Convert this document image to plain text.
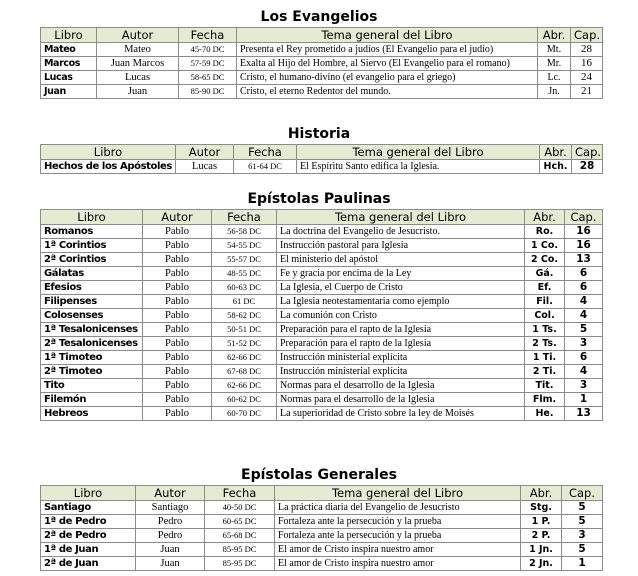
Los Evangelios
Libro	Autor	Fecha	Tema general del Libro	Abr.	Cap.
Mateo	Mateo	45-70 DC	Presenta el Rey prometido a judíos (El Evangelio para el judío)	Mt.	28
Marcos	Juan Marcos	57-59 DC	Exalta al Hijo del Hombre, al Siervo (El Evangelio para el romano)	Mr.	16
Lucas	Lucas	58-65 DC	Cristo, el humano-divino (el evangelio para el griego)	Lc.	24
Juan	Juan	85-90 DC	Cristo, el eterno Redentor del mundo.	Jn.	21
Historia
Libro	Autor	Fecha	Tema general del Libro	Abr.	Cap.
Hechos de los Apóstoles	Lucas	61-64 DC	El Espíritu Santo edifica la Iglesia.	Hch.	28
Epístolas Paulinas
Libro	Autor	Fecha	Tema general del Libro	Abr.	Cap.
Romanos	Pablo	56-58 DC	La doctrina del Evangelio de Jesucristo.	Ro.	16
1ª Corintios	Pablo	54-55 DC	Instrucción pastoral para Iglesia	1 Co.	16
2ª Corintios	Pablo	55-57 DC	El ministerio del apóstol	2 Co.	13
Gálatas	Pablo	48-55 DC	Fe y gracia por encima de la Ley	Gá.	6
Efesios	Pablo	60-63 DC	La Iglesia, el Cuerpo de Cristo	Ef.	6
Filipenses	Pablo	61 DC	La Iglesia neotestamentaria como ejemplo	Fil.	4
Colosenses	Pablo	58-62 DC	La comunión con Cristo	Col.	4
1ª Tesalonicenses	Pablo	50-51 DC	Preparación para el rapto de la Iglesia	1 Ts.	5
2ª Tesalonicenses	Pablo	51-52 DC	Preparación para el rapto de la Iglesia	2 Ts.	3
1ª Timoteo	Pablo	62-66 DC	Instrucción ministerial explícita	1 Ti.	6
2ª Timoteo	Pablo	67-68 DC	Instrucción ministerial explícita	2 Ti.	4
Tito	Pablo	62-66 DC	Normas para el desarrollo de la Iglesia	Tit.	3
Filemón	Pablo	60-62 DC	Normas para el desarrollo de la Iglesia	Flm.	1
Hebreos	Pablo	60-70 DC	La superioridad de Cristo sobre la ley de Moisés	He.	13
Epístolas Generales
Libro	Autor	Fecha	Tema general del Libro	Abr.	Cap.
Santiago	Santiago	40-50 DC	La práctica diaria del Evangelio de Jesucristo	Stg.	5
1ª de Pedro	Pedro	60-65 DC	Fortaleza ante la persecución y la prueba	1 P.	5
2ª de Pedro	Pedro	65-68 DC	Fortaleza ante la persecución y la prueba	2 P.	3
1ª de Juan	Juan	85-95 DC	El amor de Cristo inspira nuestro amor	1 Jn.	5
2ª de Juan	Juan	85-95 DC	El amor de Cristo inspira nuestro amor	2 Jn.	1
